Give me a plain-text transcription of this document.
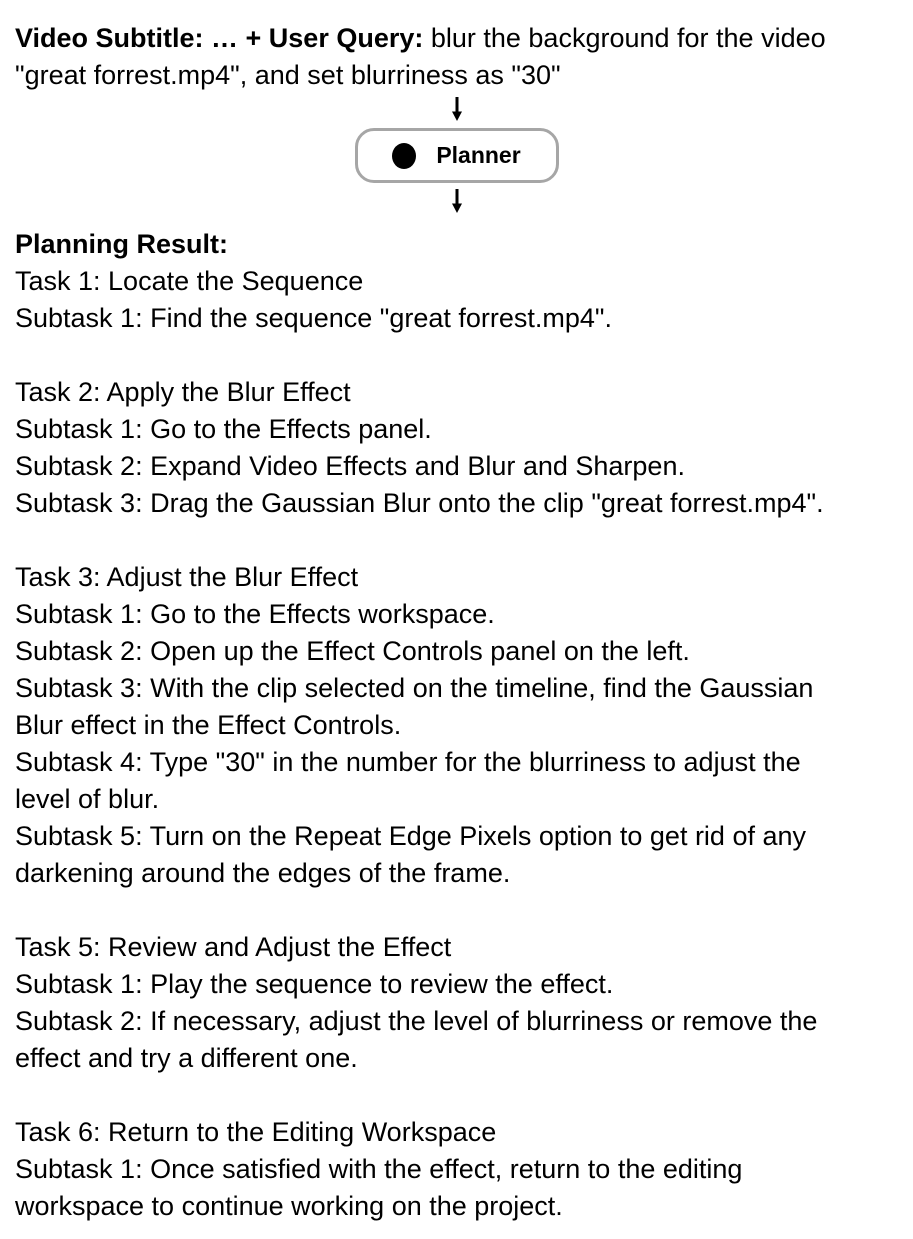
Video Subtitle: … + User Query: blur the background for the video
"great forrest.mp4", and set blurriness as "30"
Planner
Planning Result:
Task 1: Locate the Sequence
Subtask 1: Find the sequence "great forrest.mp4".
Task 2: Apply the Blur Effect
Subtask 1: Go to the Effects panel.
Subtask 2: Expand Video Effects and Blur and Sharpen.
Subtask 3: Drag the Gaussian Blur onto the clip "great forrest.mp4".
Task 3: Adjust the Blur Effect
Subtask 1: Go to the Effects workspace.
Subtask 2: Open up the Effect Controls panel on the left.
Subtask 3: With the clip selected on the timeline, find the Gaussian
Blur effect in the Effect Controls.
Subtask 4: Type "30" in the number for the blurriness to adjust the
level of blur.
Subtask 5: Turn on the Repeat Edge Pixels option to get rid of any
darkening around the edges of the frame.
Task 5: Review and Adjust the Effect
Subtask 1: Play the sequence to review the effect.
Subtask 2: If necessary, adjust the level of blurriness or remove the
effect and try a different one.
Task 6: Return to the Editing Workspace
Subtask 1: Once satisfied with the effect, return to the editing
workspace to continue working on the project.
